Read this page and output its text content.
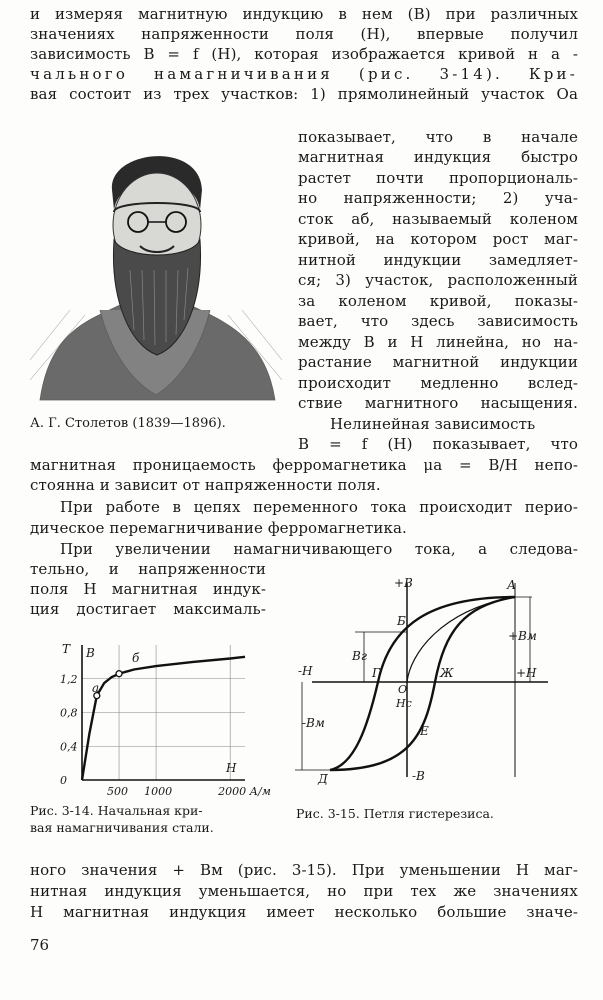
и измеряя магнитную индукцию в нем (B) при различных
значениях напряженности поля (H), впервые получил
зависимость B = f (H), которая изображается кривой н а -
чального намагничивания (рис. 3-14). Кри-
вая состоит из трех участков: 1) прямолинейный участок Oa
А. Г. Столетов (1839—1896).
показывает, что в начале
магнитная индукция быстро
растет почти пропорциональ-
но напряженности; 2) уча-
сток аб, называемый коленом
кривой, на котором рост маг-
нитной индукции замедляет-
ся; 3) участок, расположенный
за коленом кривой, показы-
вает, что здесь зависимость
между B и H линейна, но на-
растание магнитной индукции
происходит медленно вслед-
ствие магнитного насыщения.
Нелинейная зависимость
B = f (H) показывает, что
магнитная проницаемость ферромагнетика μа = B/H непо-
стоянна и зависит от напряженности поля.
При работе в цепях переменного тока происходит перио-
дическое перемагничивание ферромагнетика.
При увеличении намагничивающего тока, а следова-
тельно, и напряженности
поля H магнитная индук-
ция достигает максималь-
T B
H
а
б
1,2
0,8
0,4
0
500 1000	2000 А/м
Рис. 3-14. Начальная кри-
вая намагничивания стали.
+B
-B
-H	+H
А
Б
Г
О
Ж
Е
Д
Bг
Hс
+Bм
-Bм
Рис. 3-15. Петля гистерезиса.
ного значения + Bм (рис. 3-15). При уменьшении H маг-
нитная индукция уменьшается, но при тех же значениях
H магнитная индукция имеет несколько большие значе-
76
